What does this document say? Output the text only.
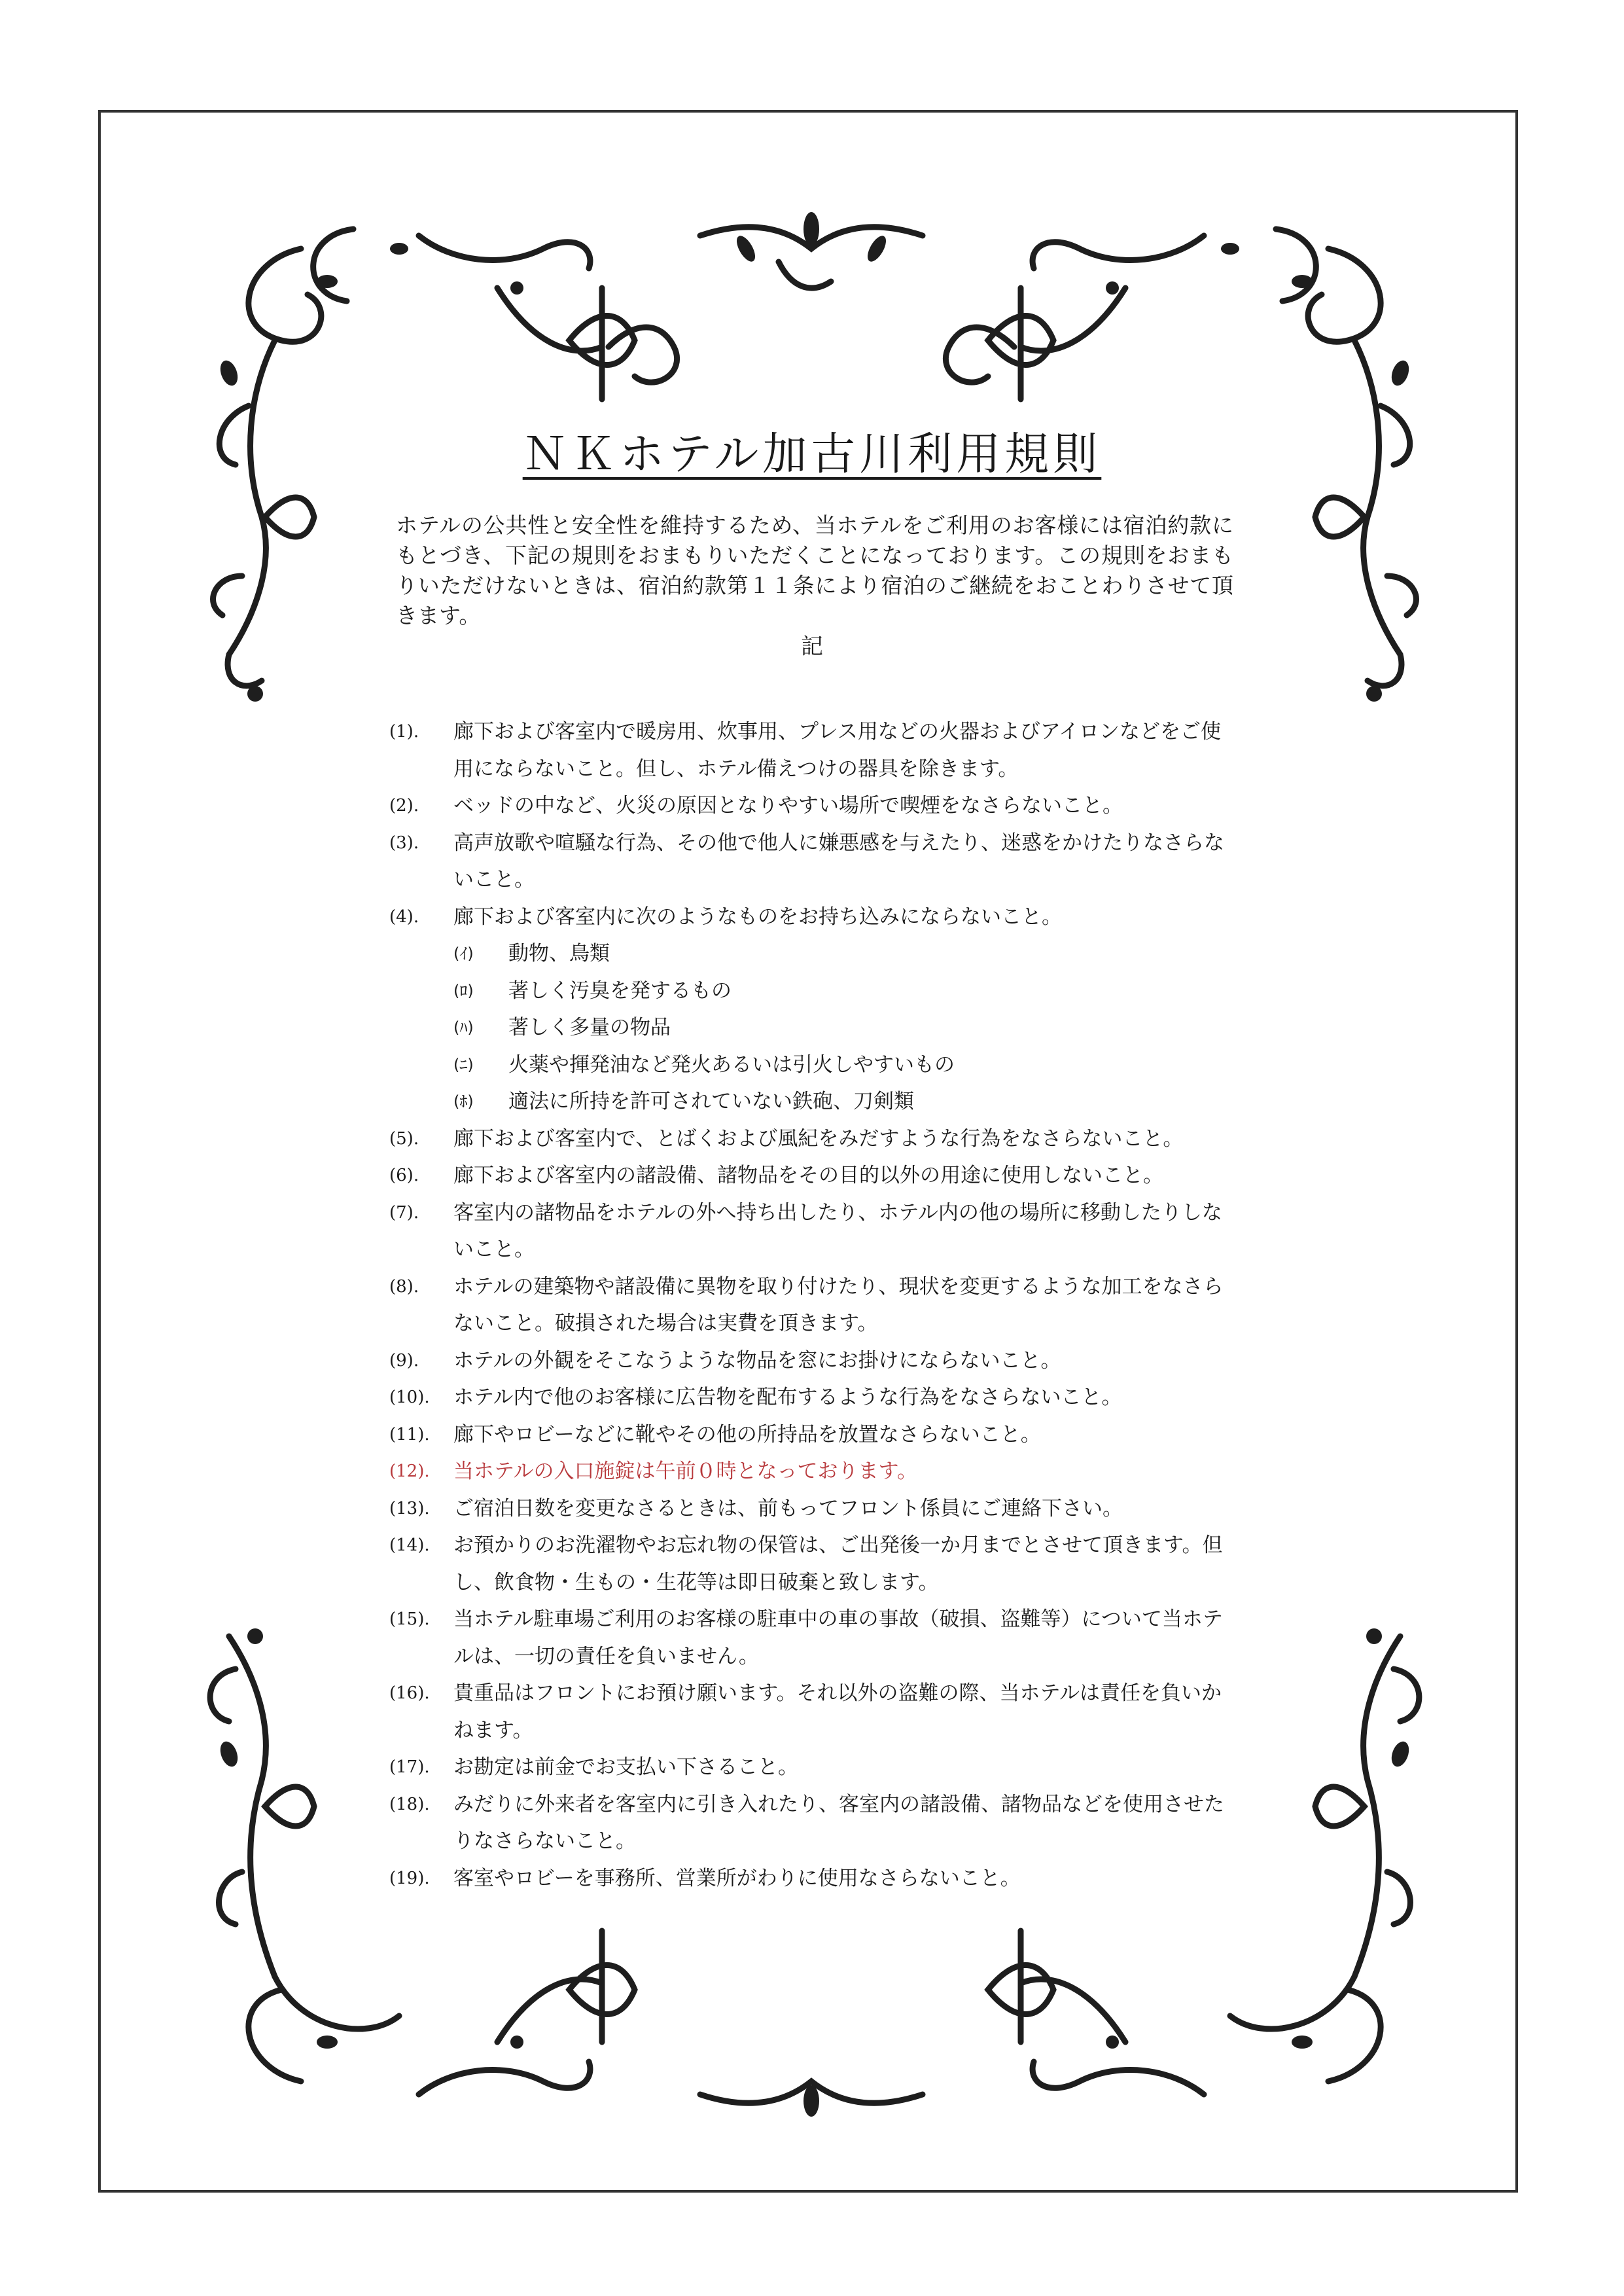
ＮＫホテル加古川利用規則
ホテルの公共性と安全性を維持するため、当ホテルをご利用のお客様には宿泊約款にもとづき、下記の規則をおまもりいただくことになっております。この規則をおまもりいただけないときは、宿泊約款第１１条により宿泊のご継続をおことわりさせて頂きます。
記
(1).	廊下および客室内で暖房用、炊事用、プレス用などの火器およびアイロンなどをご使用にならないこと。但し、ホテル備えつけの器具を除きます。
(2).	ベッドの中など、火災の原因となりやすい場所で喫煙をなさらないこと。
(3).	高声放歌や喧騒な行為、その他で他人に嫌悪感を与えたり、迷惑をかけたりなさらないこと。
(4).	廊下および客室内に次のようなものをお持ち込みにならないこと。
(ｲ)	動物、鳥類
(ﾛ)	著しく汚臭を発するもの
(ﾊ)	著しく多量の物品
(ﾆ)	火薬や揮発油など発火あるいは引火しやすいもの
(ﾎ)	適法に所持を許可されていない鉄砲、刀剣類
(5).	廊下および客室内で、とばくおよび風紀をみだすような行為をなさらないこと。
(6).	廊下および客室内の諸設備、諸物品をその目的以外の用途に使用しないこと。
(7).	客室内の諸物品をホテルの外へ持ち出したり、ホテル内の他の場所に移動したりしないこと。
(8).	ホテルの建築物や諸設備に異物を取り付けたり、現状を変更するような加工をなさらないこと。破損された場合は実費を頂きます。
(9).	ホテルの外観をそこなうような物品を窓にお掛けにならないこと。
(10).	ホテル内で他のお客様に広告物を配布するような行為をなさらないこと。
(11).	廊下やロビーなどに靴やその他の所持品を放置なさらないこと。
(12).	当ホテルの入口施錠は午前０時となっております。
(13).	ご宿泊日数を変更なさるときは、前もってフロント係員にご連絡下さい。
(14).	お預かりのお洗濯物やお忘れ物の保管は、ご出発後一か月までとさせて頂きます。但し、飲食物・生もの・生花等は即日破棄と致します。
(15).	当ホテル駐車場ご利用のお客様の駐車中の車の事故（破損、盗難等）について当ホテルは、一切の責任を負いません。
(16).	貴重品はフロントにお預け願います。それ以外の盗難の際、当ホテルは責任を負いかねます。
(17).	お勘定は前金でお支払い下さること。
(18).	みだりに外来者を客室内に引き入れたり、客室内の諸設備、諸物品などを使用させたりなさらないこと。
(19).	客室やロビーを事務所、営業所がわりに使用なさらないこと。
